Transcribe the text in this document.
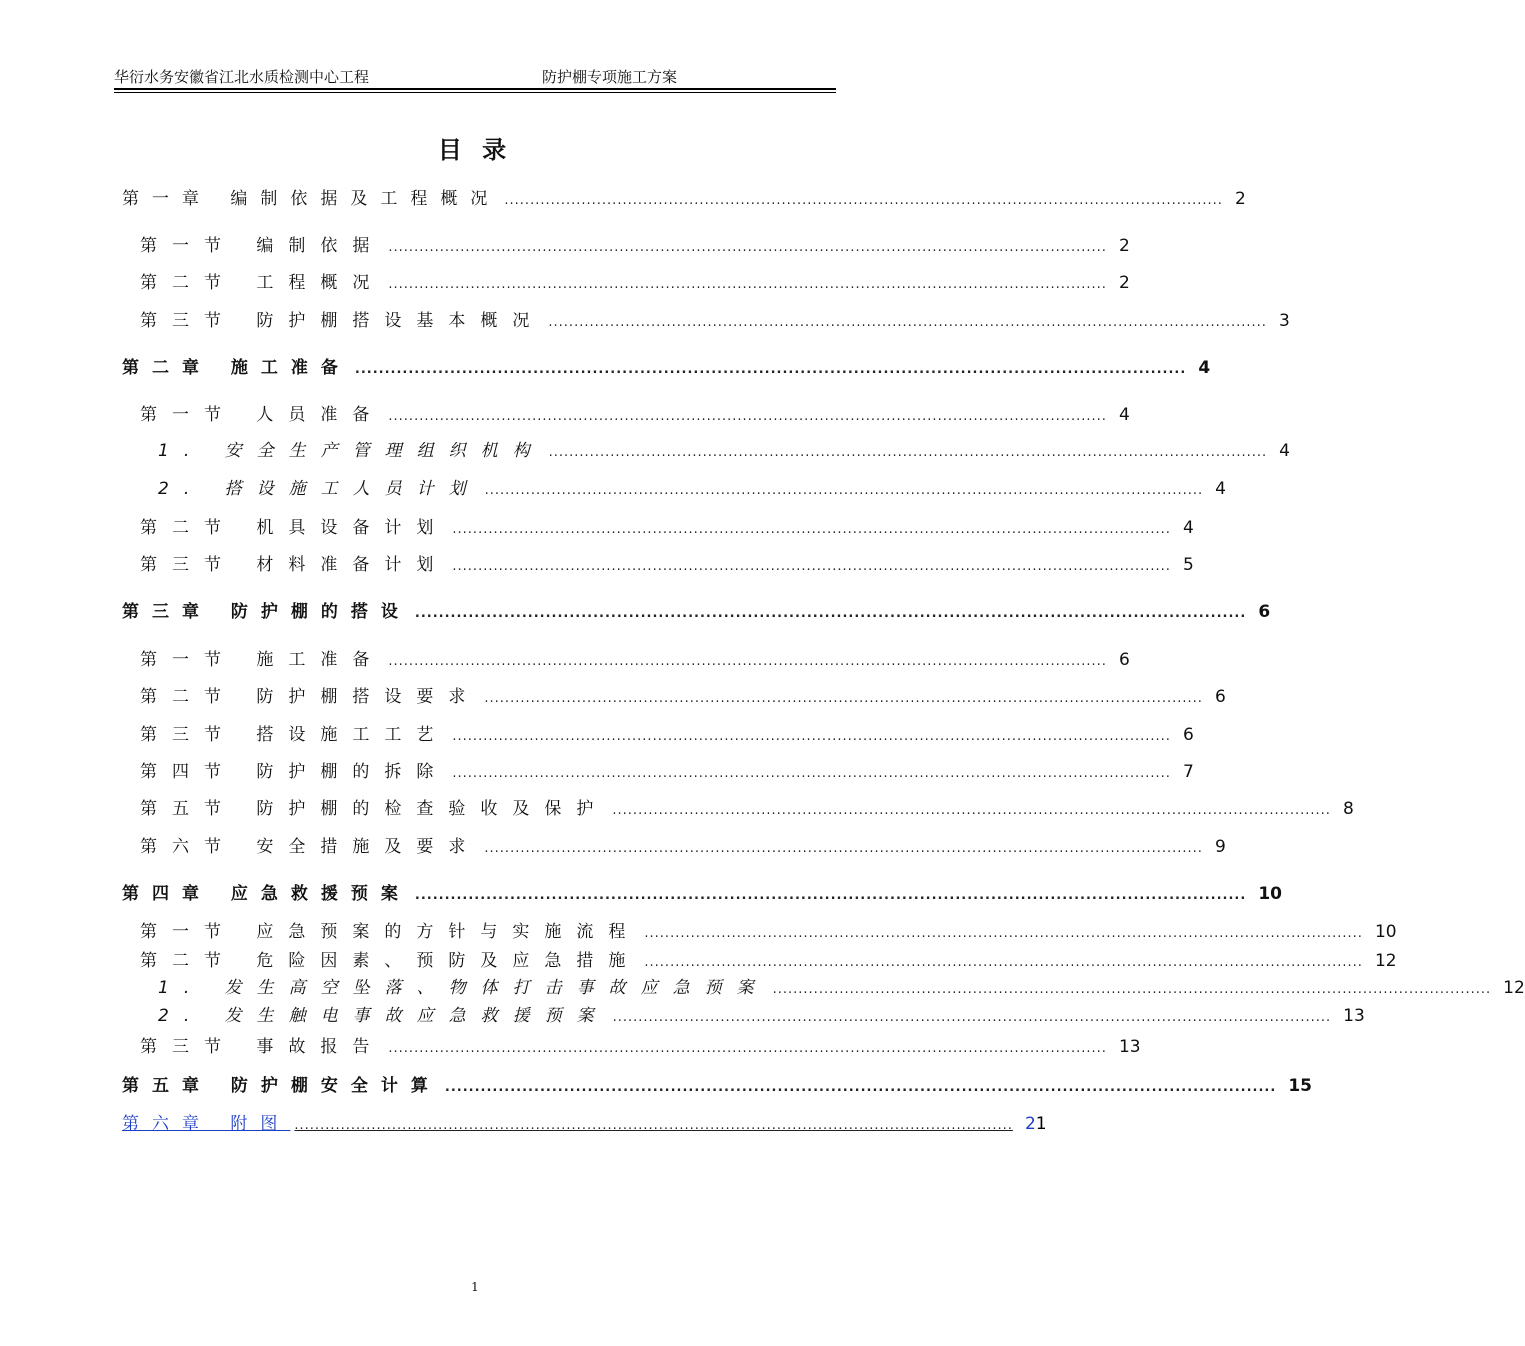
华衍水务安徽省江北水质检测中心工程	防护棚专项施工方案
目 录
第一章 编制依据及工程概况 ............................................................................................................................................ 2
第一节 编制依据 ............................................................................................................................................ 2
第二节 工程概况 ............................................................................................................................................ 2
第三节 防护棚搭设基本概况 ............................................................................................................................................ 3
第二章 施工准备 ............................................................................................................................................ 4
第一节 人员准备 ............................................................................................................................................ 4
1. 安全生产管理组织机构 ............................................................................................................................................ 4
2. 搭设施工人员计划 ............................................................................................................................................ 4
第二节 机具设备计划 ............................................................................................................................................ 4
第三节 材料准备计划 ............................................................................................................................................ 5
第三章 防护棚的搭设 ............................................................................................................................................ 6
第一节 施工准备 ............................................................................................................................................ 6
第二节 防护棚搭设要求 ............................................................................................................................................ 6
第三节 搭设施工工艺 ............................................................................................................................................ 6
第四节 防护棚的拆除 ............................................................................................................................................ 7
第五节 防护棚的检查验收及保护 ............................................................................................................................................ 8
第六节 安全措施及要求 ............................................................................................................................................ 9
第四章 应急救援预案 ............................................................................................................................................ 10
第一节 应急预案的方针与实施流程 ............................................................................................................................................ 10
第二节 危险因素、预防及应急措施 ............................................................................................................................................ 12
1. 发生高空坠落、物体打击事故应急预案 ............................................................................................................................................ 12
2. 发生触电事故应急救援预案 ............................................................................................................................................ 13
第三节 事故报告 ............................................................................................................................................ 13
第五章 防护棚安全计算 ............................................................................................................................................ 15
第六章 附图 ............................................................................................................................................ 21
1
